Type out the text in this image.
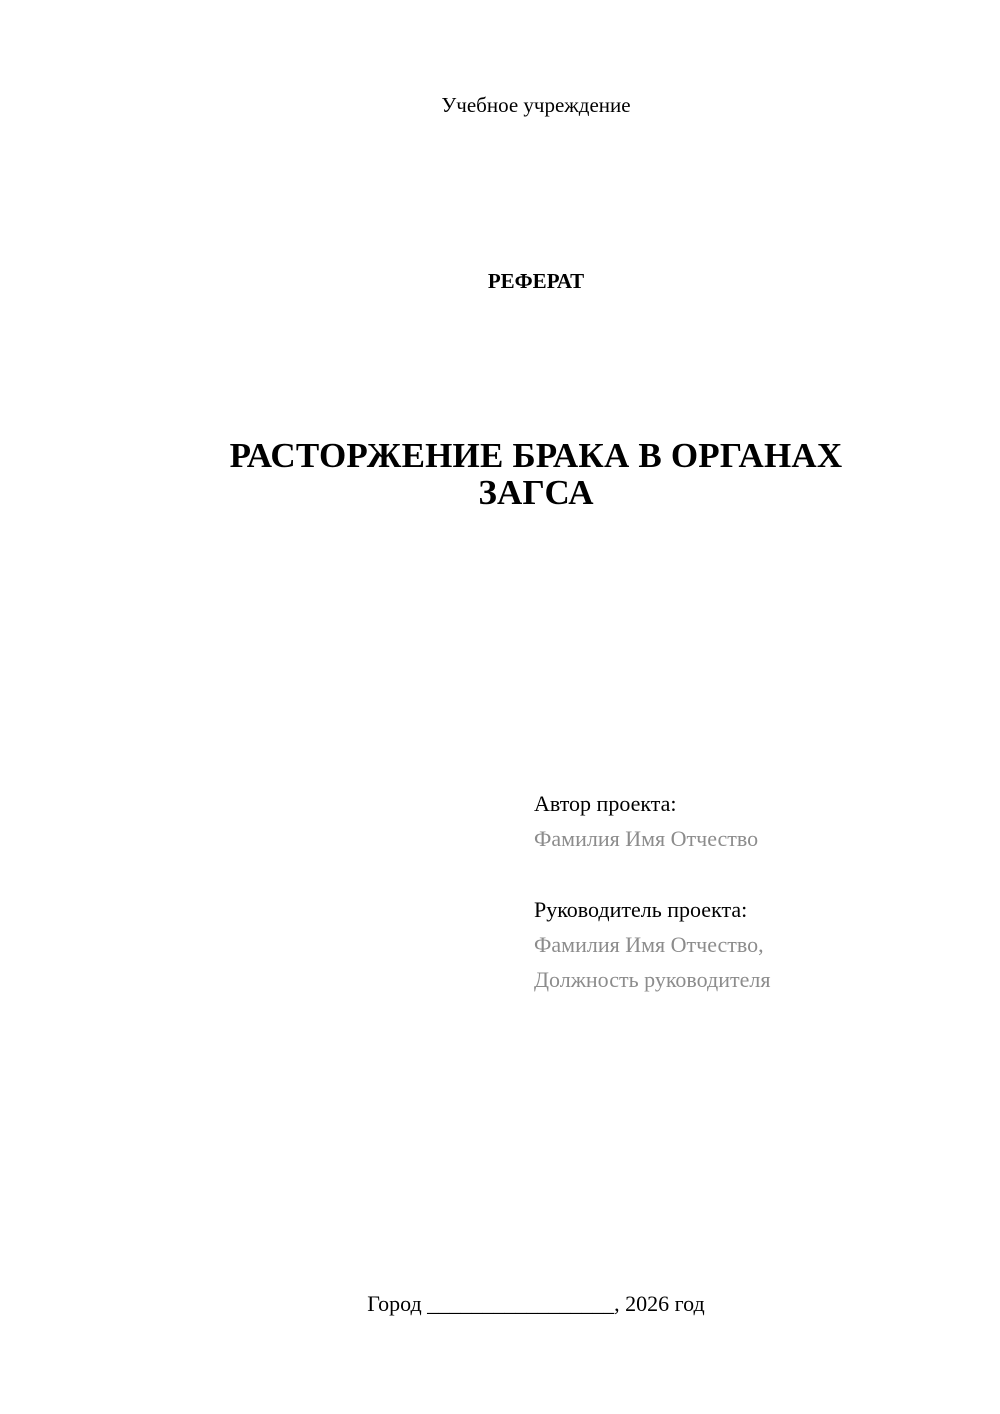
Учебное учреждение
РЕФЕРАТ
РАСТОРЖЕНИЕ БРАКА В ОРГАНАХ ЗАГСА
Автор проекта:
Фамилия Имя Отчество
Руководитель проекта:
Фамилия Имя Отчество,
Должность руководителя
Город _________________, 2026 год
